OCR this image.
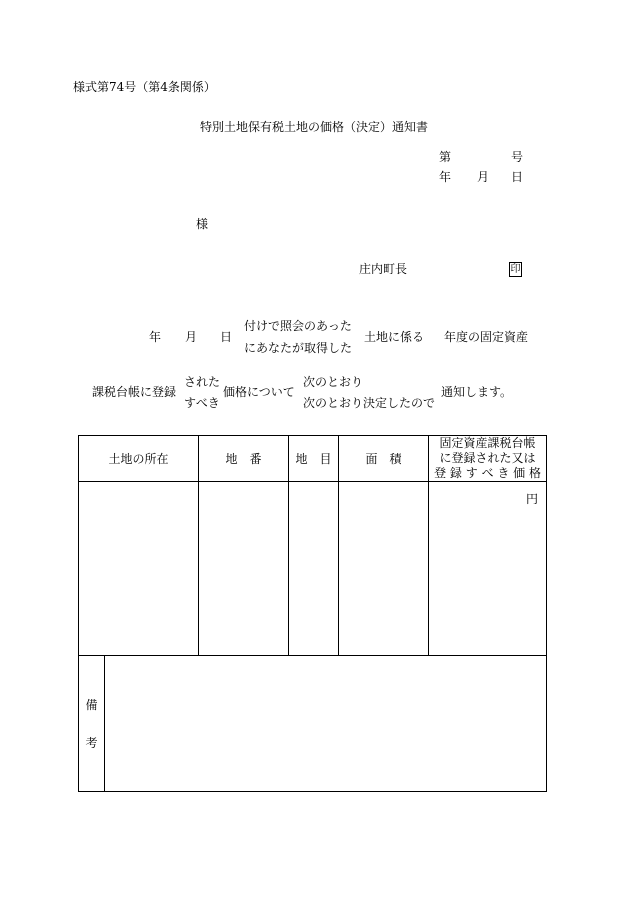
様式第74号（第4条関係）
特別土地保有税土地の価格（決定）通知書
第	号
年 月 日
様
庄内町長	印
年 月 日
付けで照会のあった
にあなたが取得した
土地に係る 年度の固定資産
課税台帳に登録
された
すべき
価格について
次のとおり
次のとおり決定したので
通知します。
土地の所在		地　番	地　目	面　積	固定資産課税台帳
に登録された又は
登 録 す べ き 価 格

					円

備
考					
